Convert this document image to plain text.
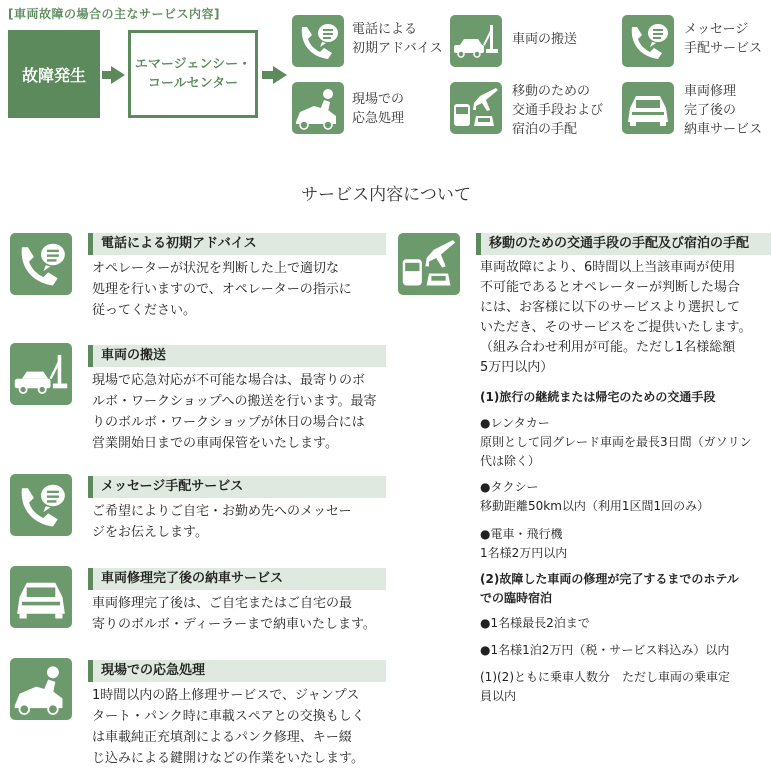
[車両故障の場合の主なサービス内容]
故障発生
エマージェンシー・
コールセンター
電話による
初期アドバイス
車両の搬送
メッセージ
手配サービス
現場での
応急処理
移動のための
交通手段および
宿泊の手配
車両修理
完了後の
納車サービス
サービス内容について
電話による初期アドバイス
オペレーターが状況を判断した上で適切な
処理を行いますので、オペレーターの指示に
従ってください。
車両の搬送
現場で応急対応が不可能な場合は、最寄りのボ
ルボ・ワークショップへの搬送を行います。最寄
りのボルボ・ワークショップが休日の場合には
営業開始日までの車両保管をいたします。
メッセージ手配サービス
ご希望によりご自宅・お勤め先へのメッセー
ジをお伝えします。
車両修理完了後の納車サービス
車両修理完了後は、ご自宅またはご自宅の最
寄りのボルボ・ディーラーまで納車いたします。
現場での応急処理
1時間以内の路上修理サービスで、ジャンプス
タート・パンク時に車載スペアとの交換もしく
は車載純正充填剤によるパンク修理、キー綴
じ込みによる鍵開けなどの作業をいたします。
移動のための交通手段の手配及び宿泊の手配
車両故障により、6時間以上当該車両が使用
不可能であるとオペレーターが判断した場合
には、お客様に以下のサービスより選択して
いただき、そのサービスをご提供いたします。
（組み合わせ利用が可能。ただし1名様総額
5万円以内）
(1)旅行の継続または帰宅のための交通手段
●レンタカー
原則として同グレード車両を最長3日間（ガソリン
代は除く）
●タクシー
移動距離50km以内（利用1区間1回のみ）
●電車・飛行機
1名様2万円以内
(2)故障した車両の修理が完了するまでのホテル
での臨時宿泊
●1名様最長2泊まで
●1名様1泊2万円（税・サービス料込み）以内
(1)(2)ともに乗車人数分　ただし車両の乗車定
員以内
